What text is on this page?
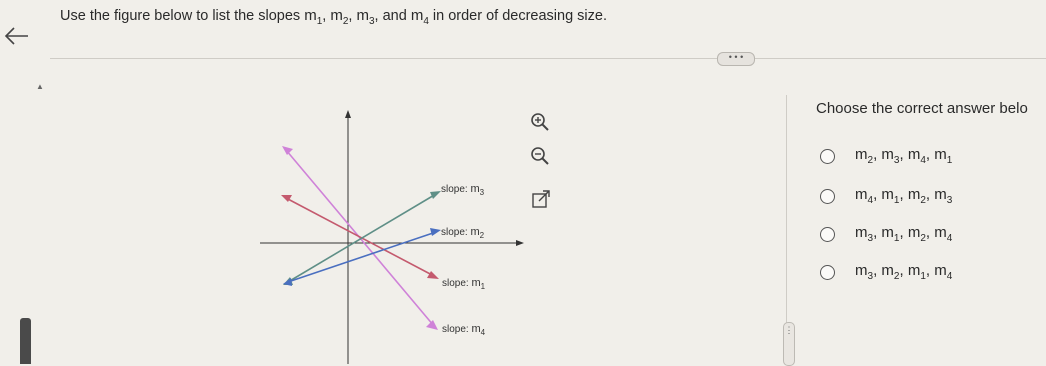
Use the figure below to list the slopes $m_1$, $m_2$, $m_3$, and $m_4$ in order of decreasing size.
• • •
▲
slope: $m_3$
slope: $m_2$
slope: $m_1$
slope: $m_4$
Choose the correct answer belo
$m_2$, $m_3$, $m_4$, $m_1$
$m_4$, $m_1$, $m_2$, $m_3$
$m_3$, $m_1$, $m_2$, $m_4$
$m_3$, $m_2$, $m_1$, $m_4$
⋮
